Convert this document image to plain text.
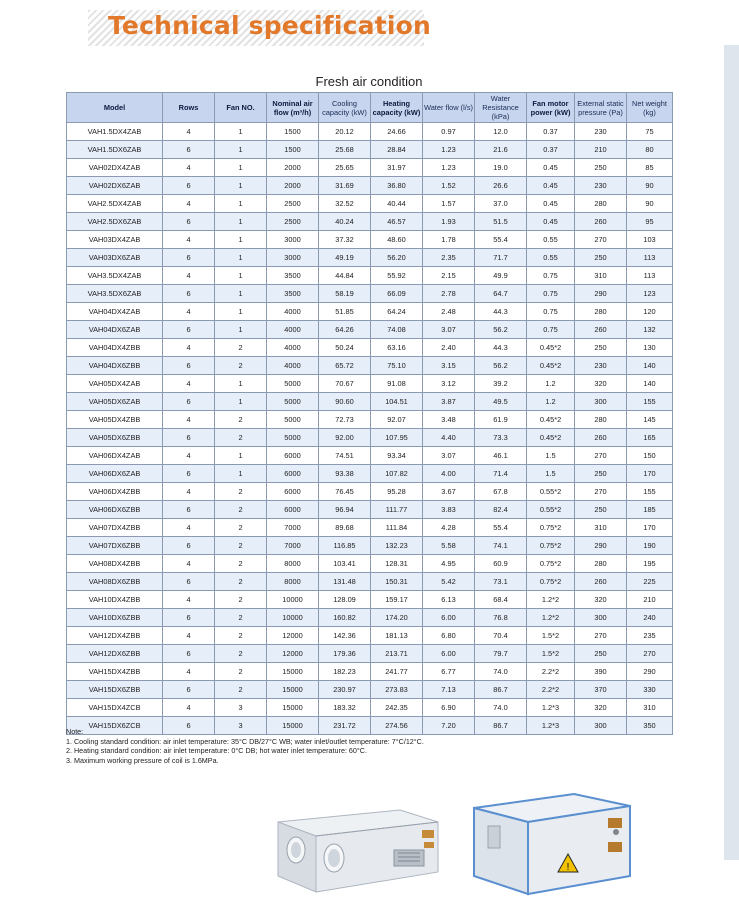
Technical specification
Fresh air condition
Model	Rows	Fan NO.	Nominal air flow (m³/h)	Cooling capacity (kW)	Heating capacity (kW)	Water flow (l/s)	Water Resistance (kPa)	Fan motor power (kW)	External static pressure (Pa)	Net weight (kg)
VAH1.5DX4ZAB	4	1	1500	20.12	24.66	0.97	12.0	0.37	230	75
VAH1.5DX6ZAB	6	1	1500	25.68	28.84	1.23	21.6	0.37	210	80
VAH02DX4ZAB	4	1	2000	25.65	31.97	1.23	19.0	0.45	250	85
VAH02DX6ZAB	6	1	2000	31.69	36.80	1.52	26.6	0.45	230	90
VAH2.5DX4ZAB	4	1	2500	32.52	40.44	1.57	37.0	0.45	280	90
VAH2.5DX6ZAB	6	1	2500	40.24	46.57	1.93	51.5	0.45	260	95
VAH03DX4ZAB	4	1	3000	37.32	48.60	1.78	55.4	0.55	270	103
VAH03DX6ZAB	6	1	3000	49.19	56.20	2.35	71.7	0.55	250	113
VAH3.5DX4ZAB	4	1	3500	44.84	55.92	2.15	49.9	0.75	310	113
VAH3.5DX6ZAB	6	1	3500	58.19	66.09	2.78	64.7	0.75	290	123
VAH04DX4ZAB	4	1	4000	51.85	64.24	2.48	44.3	0.75	280	120
VAH04DX6ZAB	6	1	4000	64.26	74.08	3.07	56.2	0.75	260	132
VAH04DX4ZBB	4	2	4000	50.24	63.16	2.40	44.3	0.45*2	250	130
VAH04DX6ZBB	6	2	4000	65.72	75.10	3.15	56.2	0.45*2	230	140
VAH05DX4ZAB	4	1	5000	70.67	91.08	3.12	39.2	1.2	320	140
VAH05DX6ZAB	6	1	5000	90.60	104.51	3.87	49.5	1.2	300	155
VAH05DX4ZBB	4	2	5000	72.73	92.07	3.48	61.9	0.45*2	280	145
VAH05DX6ZBB	6	2	5000	92.00	107.95	4.40	73.3	0.45*2	260	165
VAH06DX4ZAB	4	1	6000	74.51	93.34	3.07	46.1	1.5	270	150
VAH06DX6ZAB	6	1	6000	93.38	107.82	4.00	71.4	1.5	250	170
VAH06DX4ZBB	4	2	6000	76.45	95.28	3.67	67.8	0.55*2	270	155
VAH06DX6ZBB	6	2	6000	96.94	111.77	3.83	82.4	0.55*2	250	185
VAH07DX4ZBB	4	2	7000	89.68	111.84	4.28	55.4	0.75*2	310	170
VAH07DX6ZBB	6	2	7000	116.85	132.23	5.58	74.1	0.75*2	290	190
VAH08DX4ZBB	4	2	8000	103.41	128.31	4.95	60.9	0.75*2	280	195
VAH08DX6ZBB	6	2	8000	131.48	150.31	5.42	73.1	0.75*2	260	225
VAH10DX4ZBB	4	2	10000	128.09	159.17	6.13	68.4	1.2*2	320	210
VAH10DX6ZBB	6	2	10000	160.82	174.20	6.00	76.8	1.2*2	300	240
VAH12DX4ZBB	4	2	12000	142.36	181.13	6.80	70.4	1.5*2	270	235
VAH12DX6ZBB	6	2	12000	179.36	213.71	6.00	79.7	1.5*2	250	270
VAH15DX4ZBB	4	2	15000	182.23	241.77	6.77	74.0	2.2*2	390	290
VAH15DX6ZBB	6	2	15000	230.97	273.83	7.13	86.7	2.2*2	370	330
VAH15DX4ZCB	4	3	15000	183.32	242.35	6.90	74.0	1.2*3	320	310
VAH15DX6ZCB	6	3	15000	231.72	274.56	7.20	86.7	1.2*3	300	350
Note:
1. Cooling standard condition: air inlet temperature: 35°C DB/27°C WB; water inlet/outlet temperature: 7°C/12°C.
2. Heating standard condition: air inlet temperature: 0°C DB; hot water inlet temperature: 60°C.
3. Maximum working pressure of coil is 1.6MPa.
!
